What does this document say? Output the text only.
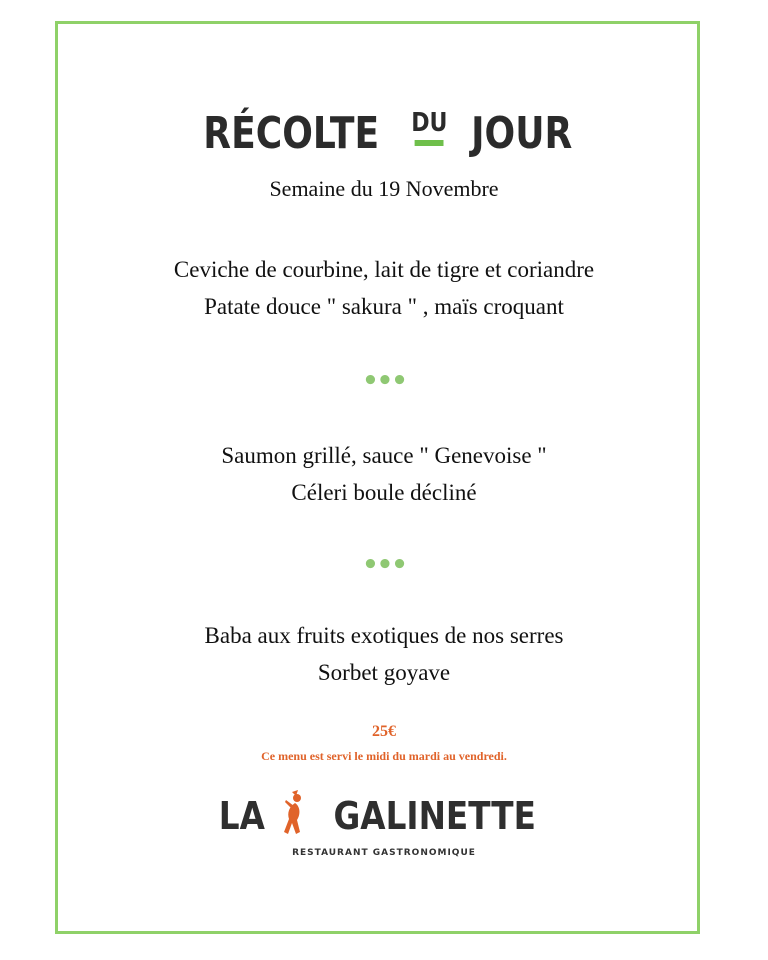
RÉCOLTE DU JOUR
Semaine du 19 Novembre
Ceviche de courbine, lait de tigre et coriandre
Patate douce " sakura " , maïs croquant
•••
Saumon grillé, sauce " Genevoise "
Céleri boule décliné
•••
Baba aux fruits exotiques de nos serres
Sorbet goyave
25€
Ce menu est servi le midi du mardi au vendredi.
LA GALINETTE
RESTAURANT GASTRONOMIQUE
